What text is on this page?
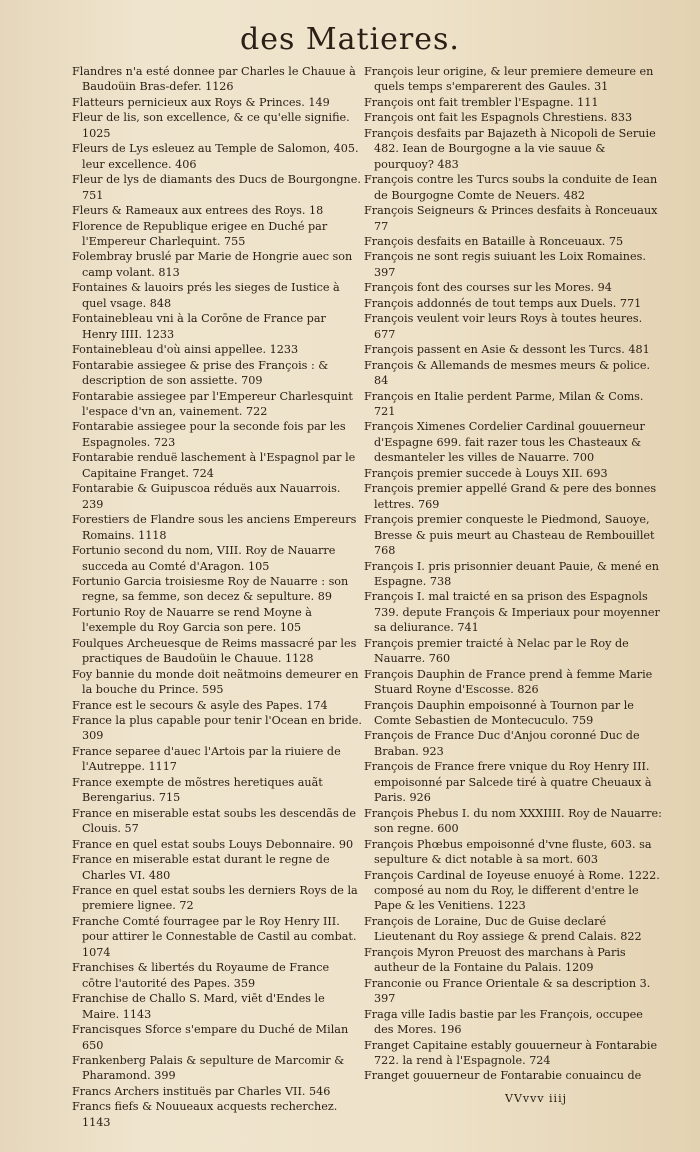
des Matieres.

Flandres n'a esté donnee par Charles le Chauue à Baudoüin Bras-defer. 1126

Flatteurs pernicieux aux Roys & Princes. 149

Fleur de lis, son excellence, & ce qu'elle signifie. 1025

Fleurs de Lys esleuez au Temple de Salomon, 405. leur excellence. 406

Fleur de lys de diamants des Ducs de Bourgongne. 751

Fleurs & Rameaux aux entrees des Roys. 18

Florence de Republique erigee en Duché par l'Empereur Charlequint. 755

Folembray bruslé par Marie de Hongrie auec son camp volant. 813

Fontaines & lauoirs prés les sieges de Iustice à quel vsage. 848

Fontainebleau vni à la Corōne de France par Henry IIII. 1233

Fontainebleau d'où ainsi appellee. 1233

Fontarabie assiegee & prise des François : & description de son assiette. 709

Fontarabie assiegee par l'Empereur Charlesquint l'espace d'vn an, vainement. 722

Fontarabie assiegee pour la seconde fois par les Espagnoles. 723

Fontarabie renduë laschement à l'Espagnol par le Capitaine Franget. 724

Fontarabie & Guipuscoa réduës aux Nauarrois. 239

Forestiers de Flandre sous les anciens Empereurs Romains. 1118

Fortunio second du nom, VIII. Roy de Nauarre succeda au Comté d'Aragon. 105

Fortunio Garcia troisiesme Roy de Nauarre : son regne, sa femme, son decez & sepulture. 89

Fortunio Roy de Nauarre se rend Moyne à l'exemple du Roy Garcia son pere. 105

Foulques Archeuesque de Reims massacré par les practiques de Baudoüin le Chauue. 1128

Foy bannie du monde doit neãtmoins demeurer en la bouche du Prince. 595

France est le secours & asyle des Papes. 174

France la plus capable pour tenir l'Ocean en bride. 309

France separee d'auec l'Artois par la riuiere de l'Autreppe. 1117

France exempte de mõstres heretiques auãt Berengarius. 715

France en miserable estat soubs les descendãs de Clouis. 57

France en quel estat soubs Louys Debonnaire. 90

France en miserable estat durant le regne de Charles VI. 480

France en quel estat soubs les derniers Roys de la premiere lignee. 72

Franche Comté fourragee par le Roy Henry III. pour attirer le Connestable de Castil au combat. 1074

Franchises & libertés du Royaume de France cōtre l'autorité des Papes. 359

Franchise de Challo S. Mard, viēt d'Endes le Maire. 1143

Francisques Sforce s'empare du Duché de Milan 650

Frankenberg Palais & sepulture de Marcomir & Pharamond. 399

Francs Archers instituës par Charles VII. 546

Francs fiefs & Nouueaux acquests recherchez. 1143

François leur origine, & leur premiere demeure en quels temps s'emparerent des Gaules. 31

François ont fait trembler l'Espagne. 111

François ont fait les Espagnols Chrestiens. 833

François desfaits par Bajazeth à Nicopoli de Seruie 482. Iean de Bourgogne a la vie sauue & pourquoy? 483

François contre les Turcs soubs la conduite de Iean de Bourgogne Comte de Neuers. 482

François Seigneurs & Princes desfaits à Ronceuaux 77

François desfaits en Bataille à Ronceuaux. 75

François ne sont regis suiuant les Loix Romaines. 397

François font des courses sur les Mores. 94

François addonnés de tout temps aux Duels. 771

François veulent voir leurs Roys à toutes heures. 677

François passent en Asie & dessont les Turcs. 481

François & Allemands de mesmes meurs & police. 84

François en Italie perdent Parme, Milan & Coms. 721

François Ximenes Cordelier Cardinal gouuerneur d'Espagne 699. fait razer tous les Chasteaux & desmanteler les villes de Nauarre. 700

François premier succede à Louys XII. 693

François premier appellé Grand & pere des bonnes lettres. 769

François premier conqueste le Piedmond, Sauoye, Bresse & puis meurt au Chasteau de Rembouillet 768

François I. pris prisonnier deuant Pauie, & mené en Espagne. 738

François I. mal traicté en sa prison des Espagnols 739. depute François & Imperiaux pour moyenner sa deliurance. 741

François premier traicté à Nelac par le Roy de Nauarre. 760

François Dauphin de France prend à femme Marie Stuard Royne d'Escosse. 826

François Dauphin empoisonné à Tournon par le Comte Sebastien de Montecuculo. 759

François de France Duc d'Anjou coronné Duc de Braban. 923

François de France frere vnique du Roy Henry III. empoisonné par Salcede tiré à quatre Cheuaux à Paris. 926

François Phebus I. du nom XXXIIII. Roy de Nauarre: son regne. 600

François Phœbus empoisonné d'vne fluste, 603. sa sepulture & dict notable à sa mort. 603

François Cardinal de Ioyeuse enuoyé à Rome. 1222. composé au nom du Roy, le different d'entre le Pape & les Venitiens. 1223

François de Loraine, Duc de Guise declaré Lieutenant du Roy assiege & prend Calais. 822

François Myron Preuost des marchans à Paris autheur de la Fontaine du Palais. 1209

Franconie ou France Orientale & sa description 3. 397

Fraga ville Iadis bastie par les François, occupee des Mores. 196

Franget Capitaine estably gouuerneur à Fontarabie 722. la rend à l'Espagnole. 724

Franget gouuerneur de Fontarabie conuaincu de

VVvvv iiij
